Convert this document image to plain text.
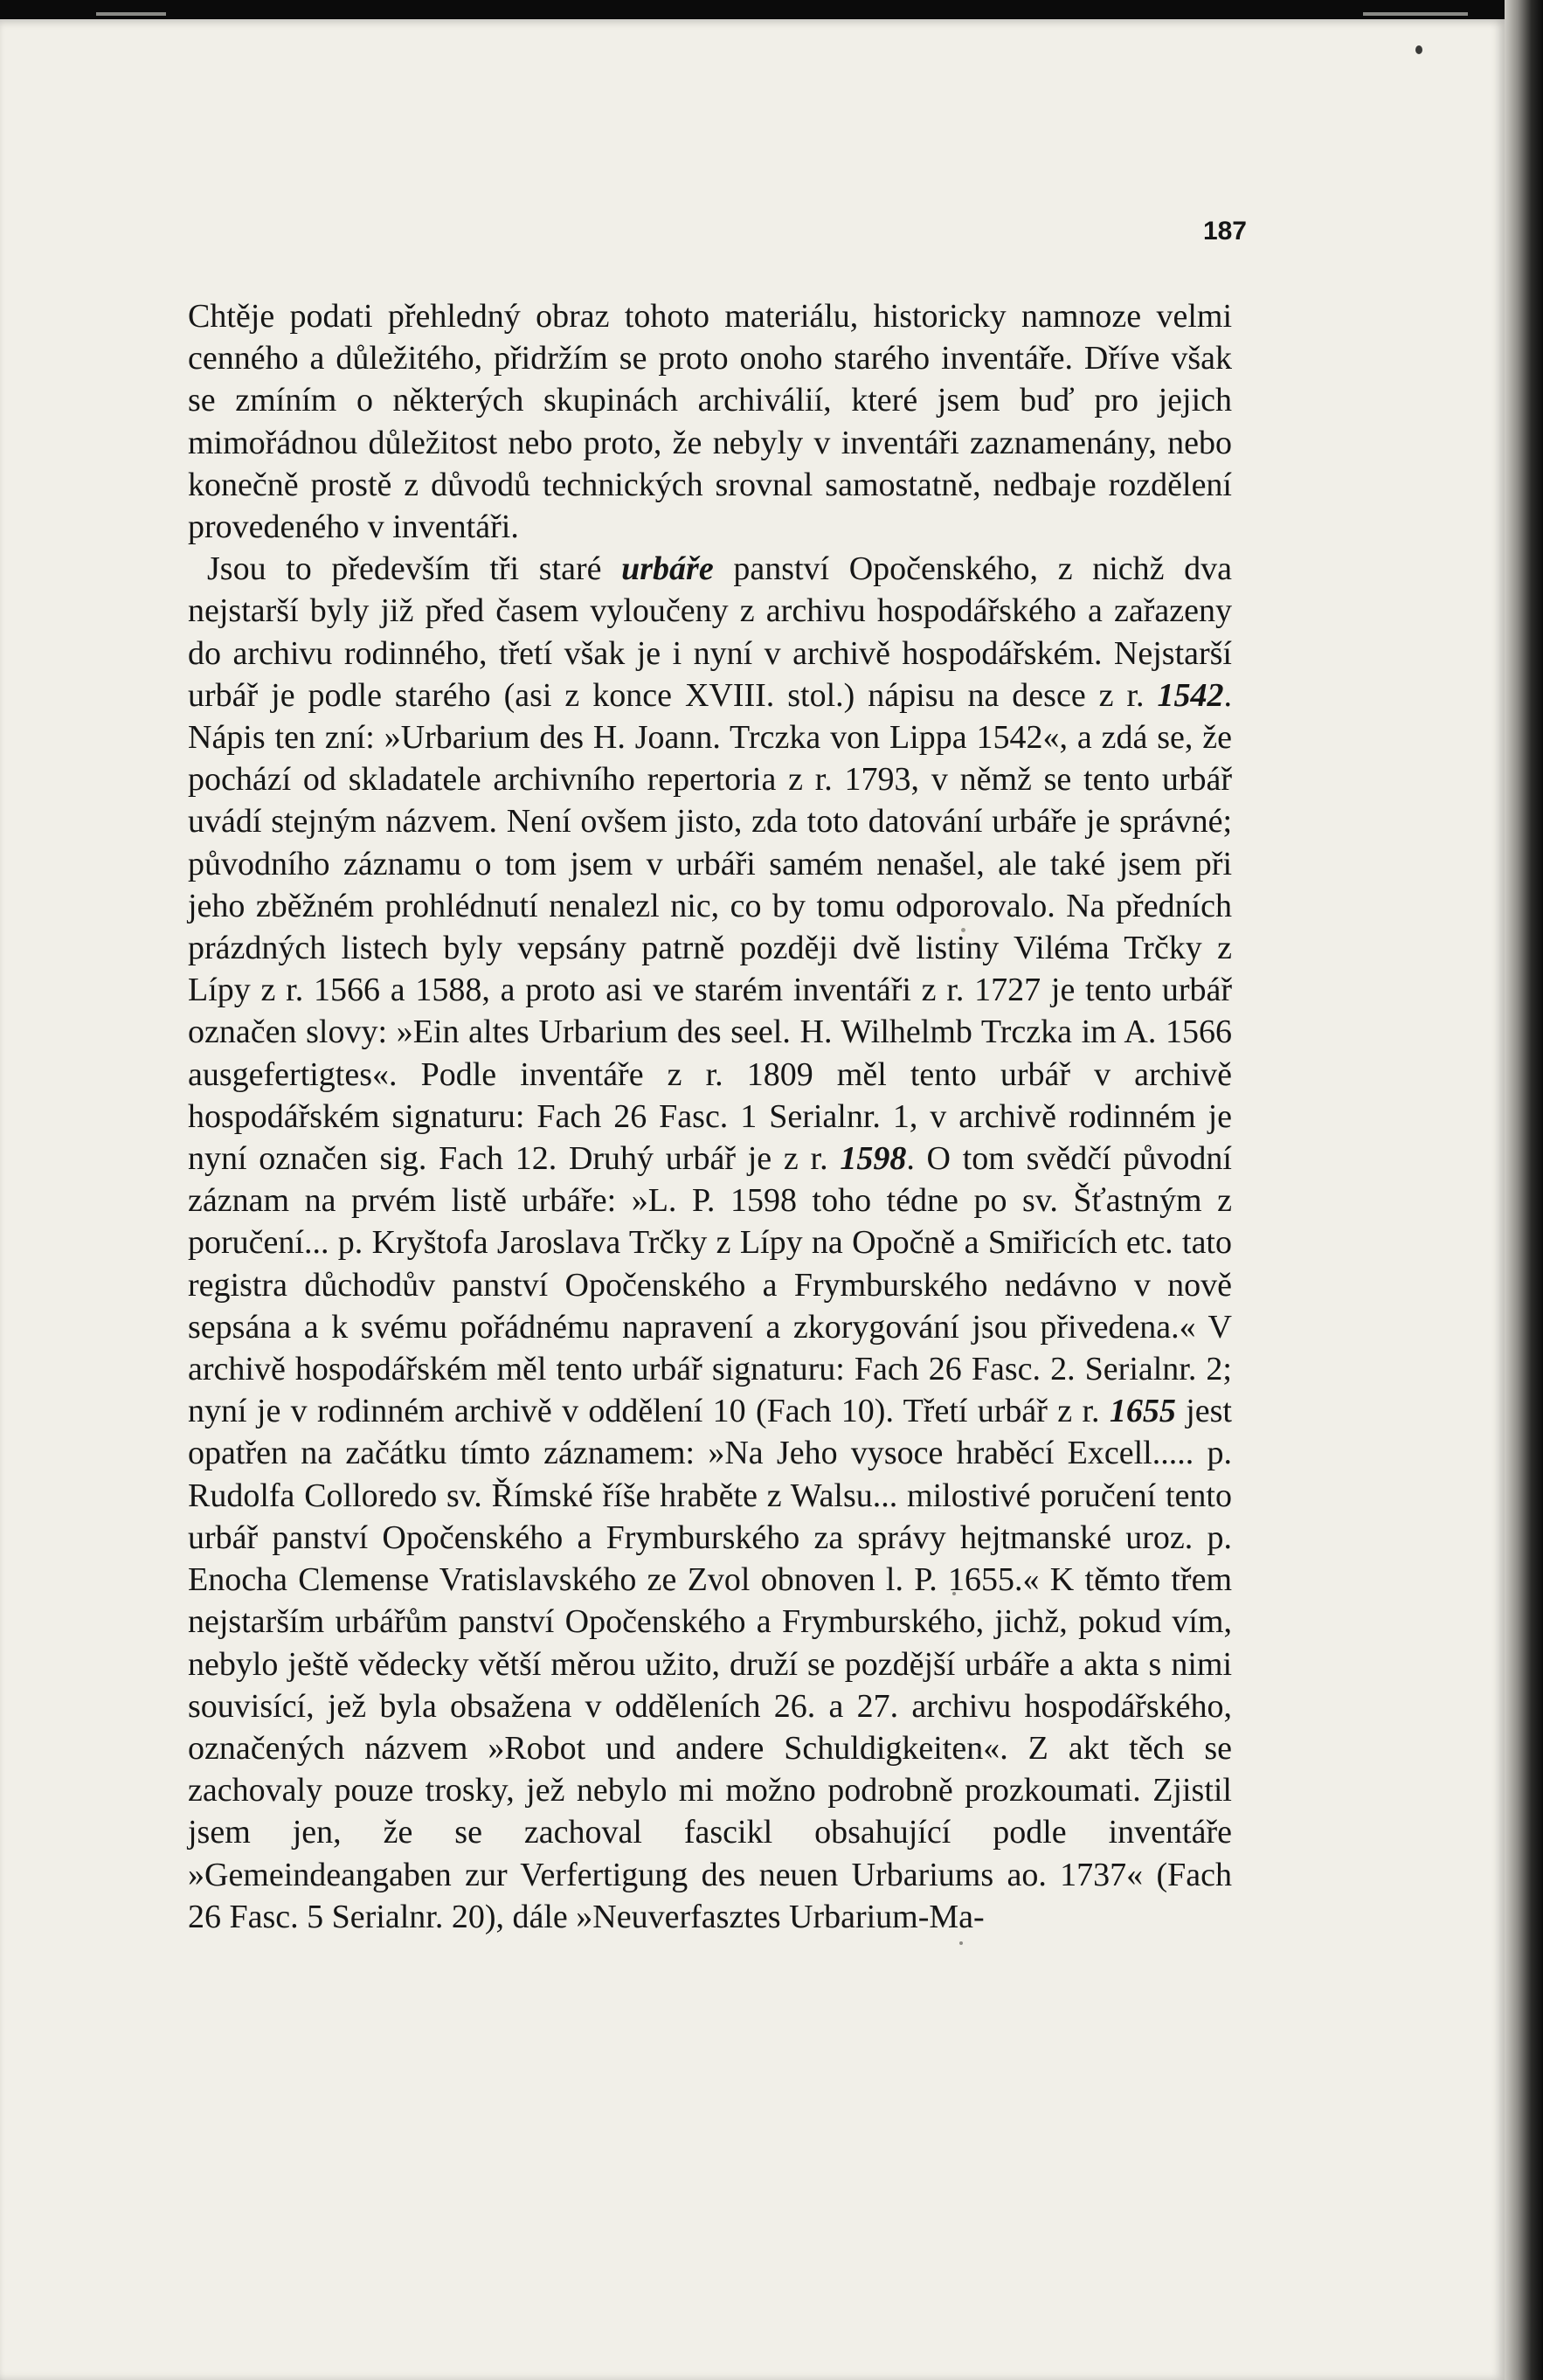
187

Chtěje podati přehledný obraz tohoto materiálu, historicky namnoze velmi cenného a důležitého, přidržím se proto onoho starého inventáře. Dříve však se zmíním o některých skupinách archiválií, které jsem buď pro jejich mimořádnou důležitost nebo proto, že nebyly v inventáři zaznamenány, nebo konečně prostě z důvodů technických srovnal samostatně, nedbaje rozdělení provedeného v inventáři.

Jsou to především tři staré urbáře panství Opočenského, z nichž dva nejstarší byly již před časem vyloučeny z archivu hospodářského a zařazeny do archivu rodinného, třetí však je i nyní v archivě hospodářském. Nejstarší urbář je podle starého (asi z konce XVIII. stol.) nápisu na desce z r. 1542. Nápis ten zní: »Urbarium des H. Joann. Trczka von Lippa 1542«, a zdá se, že pochází od skladatele archivního repertoria z r. 1793, v němž se tento urbář uvádí stejným názvem. Není ovšem jisto, zda toto datování urbáře je správné; původního záznamu o tom jsem v urbáři samém nenašel, ale také jsem při jeho zběžném prohlédnutí nenalezl nic, co by tomu odporovalo. Na předních prázdných listech byly vepsány patrně později dvě listiny Viléma Trčky z Lípy z r. 1566 a 1588, a proto asi ve starém inventáři z r. 1727 je tento urbář označen slovy: »Ein altes Urbarium des seel. H. Wilhelmb Trczka im A. 1566 ausgefertigtes«. Podle inventáře z r. 1809 měl tento urbář v archivě hospodářském signaturu: Fach 26 Fasc. 1 Serialnr. 1, v archivě rodinném je nyní označen sig. Fach 12. Druhý urbář je z r. 1598. O tom svědčí původní záznam na prvém listě urbáře: »L. P. 1598 toho tédne po sv. Šťastným z poručení... p. Kryštofa Jaroslava Trčky z Lípy na Opočně a Smiřicích etc. tato registra důchodův panství Opočenského a Frymburského nedávno v nově sepsána a k svému pořádnému napravení a zkorygování jsou přivedena.« V archivě hospodářském měl tento urbář signaturu: Fach 26 Fasc. 2. Serialnr. 2; nyní je v rodinném archivě v oddělení 10 (Fach 10). Třetí urbář z r. 1655 jest opatřen na začátku tímto záznamem: »Na Jeho vysoce hraběcí Excell..... p. Rudolfa Colloredo sv. Římské říše hraběte z Walsu... milostivé poručení tento urbář panství Opočenského a Frymburského za správy hejtmanské uroz. p. Enocha Clemense Vratislavského ze Zvol obnoven l. P. 1655.« K těmto třem nejstarším urbářům panství Opočenského a Frymburského, jichž, pokud vím, nebylo ještě vědecky větší měrou užito, druží se pozdější urbáře a akta s nimi souvisící, jež byla obsažena v odděleních 26. a 27. archivu hospodářského, označených názvem »Robot und andere Schuldigkeiten«. Z akt těch se zachovaly pouze trosky, jež nebylo mi možno podrobně prozkoumati. Zjistil jsem jen, že se zachoval fascikl obsahující podle inventáře »Gemeindeangaben zur Verfertigung des neuen Urbariums ao. 1737« (Fach 26 Fasc. 5 Serialnr. 20), dále »Neuverfasztes Urbarium-Ma-
